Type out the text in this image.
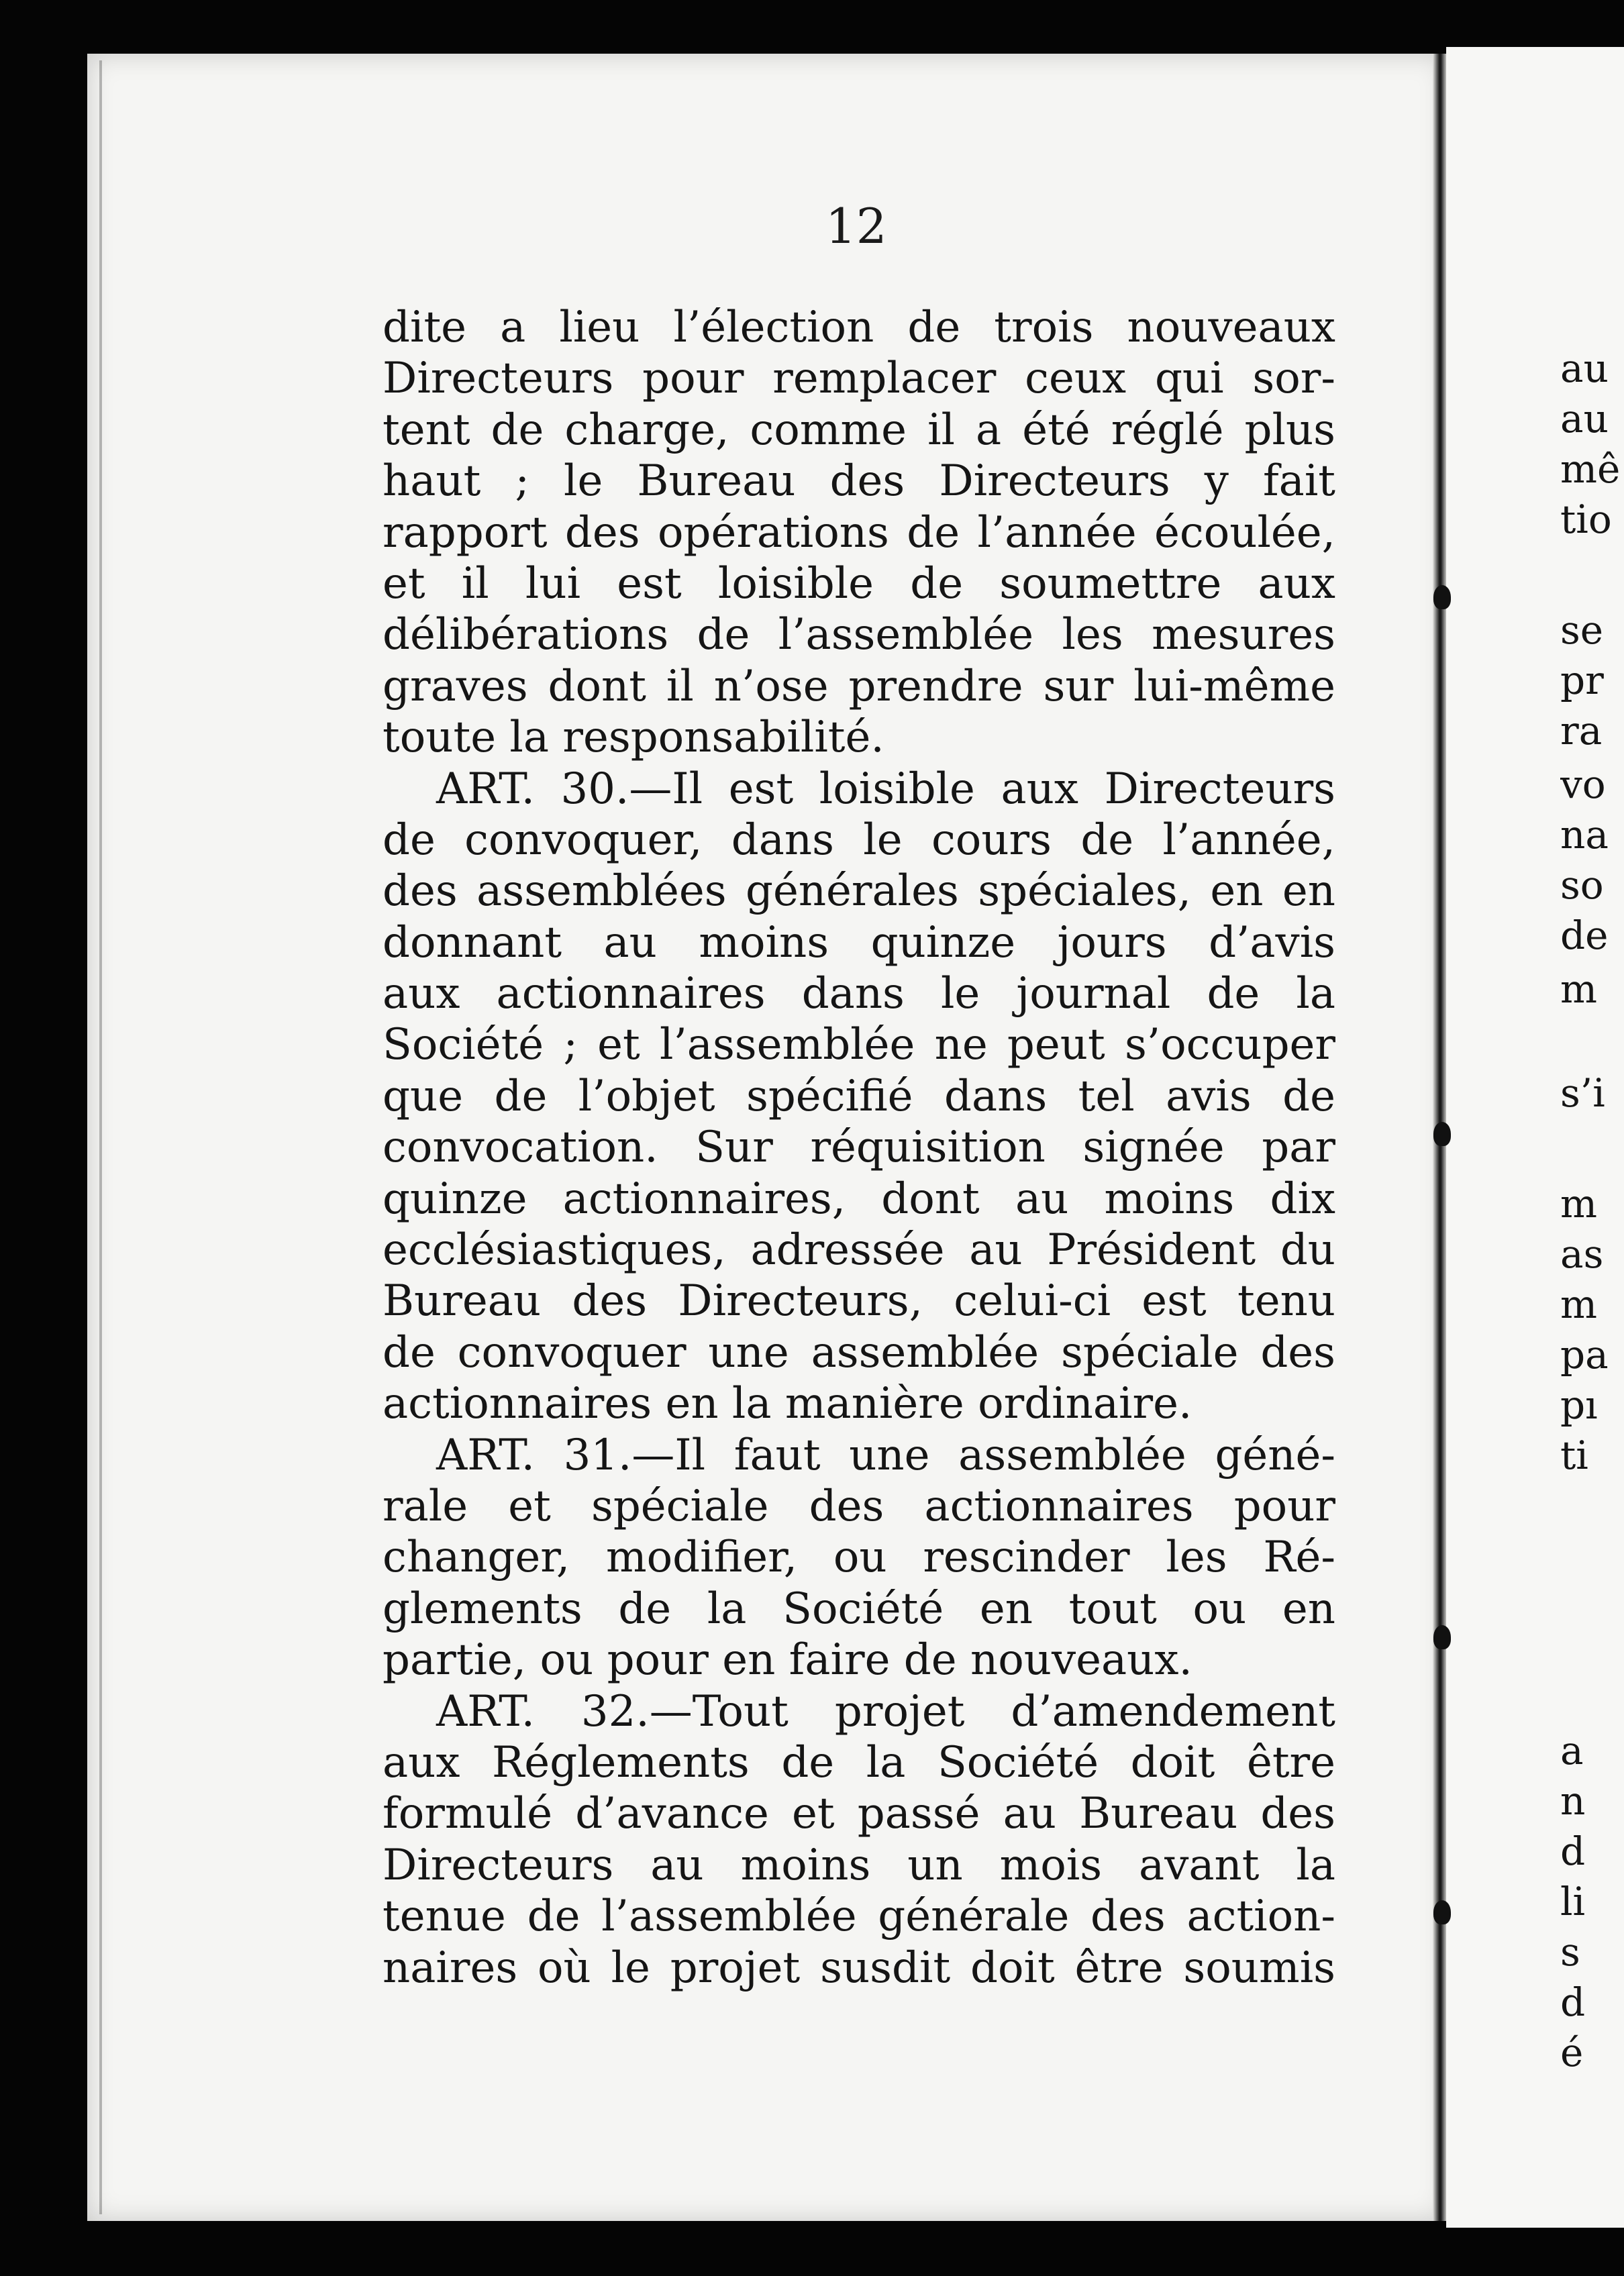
12
dite a lieu l’élection de trois nouveaux
Directeurs pour remplacer ceux qui sor-
tent de charge, comme il a été réglé plus
haut ; le Bureau des Directeurs y fait
rapport des opérations de l’année écoulée,
et il lui est loisible de soumettre aux
délibérations de l’assemblée les mesures
graves dont il n’ose prendre sur lui-même
toute la responsabilité.
ART. 30.—Il est loisible aux Directeurs
de convoquer, dans le cours de l’année,
des assemblées générales spéciales, en en
donnant au moins quinze jours d’avis
aux actionnaires dans le journal de la
Société ; et l’assemblée ne peut s’occuper
que de l’objet spécifié dans tel avis de
convocation. Sur réquisition signée par
quinze actionnaires, dont au moins dix
ecclésiastiques, adressée au Président du
Bureau des Directeurs, celui-ci est tenu
de convoquer une assemblée spéciale des
actionnaires en la manière ordinaire.
ART. 31.—Il faut une assemblée géné-
rale et spéciale des actionnaires pour
changer, modifier, ou rescinder les Ré-
glements de la Société en tout ou en
partie, ou pour en faire de nouveaux.
ART. 32.—Tout projet d’amendement
aux Réglements de la Société doit être
formulé d’avance et passé au Bureau des
Directeurs au moins un mois avant la
tenue de l’assemblée générale des action-
naires où le projet susdit doit être soumis
au
au
mê
tio
se
pr
ra
vo
na
so
de
m
s’i
m
as
m
pa
pı
ti
a
n
d
li
s
d
é
